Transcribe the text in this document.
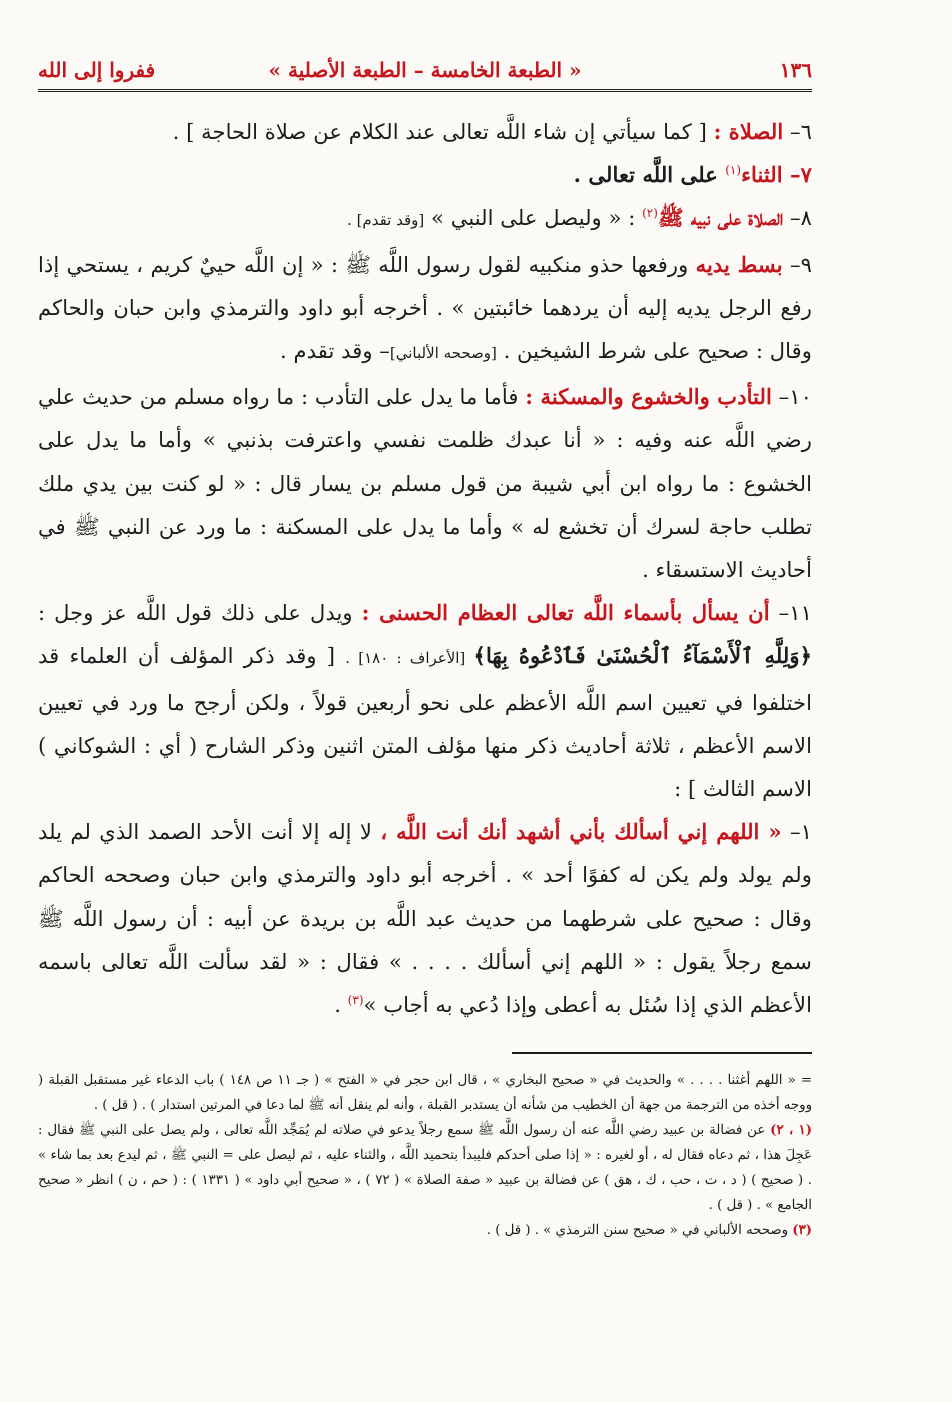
١٣٦
« الطبعة الخامسة – الطبعة الأصلية »
ففروا إلى الله

٦– الصلاة : [ كما سيأتي إن شاء اللَّه تعالى عند الكلام عن صلاة الحاجة ] .

٧– الثناء$^{(١)}$ على اللَّه تعالى .

٨– الصلاة على نبيه ﷺ$^{(٢)}$ : « وليصل على النبي » [وقد تقدم] .

٩– بسط يديه ورفعها حذو منكبيه لقول رسول اللَّه ﷺ : « إن اللَّه حييٌ كريم ، يستحي إذا رفع الرجل يديه إليه أن يردهما خائبتين » . أخرجه أبو داود والترمذي وابن حبان والحاكم وقال : صحيح على شرط الشيخين . [وصححه الألباني]– وقد تقدم .

١٠– التأدب والخشوع والمسكنة : فأما ما يدل على التأدب : ما رواه مسلم من حديث علي رضي اللَّه عنه وفيه : « أنا عبدك ظلمت نفسي واعترفت بذنبي » وأما ما يدل على الخشوع : ما رواه ابن أبي شيبة من قول مسلم بن يسار قال : « لو كنت بين يدي ملك تطلب حاجة لسرك أن تخشع له » وأما ما يدل على المسكنة : ما ورد عن النبي ﷺ في أحاديث الاستسقاء .

١١– أن يسأل بأسماء اللَّه تعالى العظام الحسنى : ويدل على ذلك قول اللَّه عز وجل : ﴿وَلِلَّهِ ٱلْأَسْمَآءُ ٱلْحُسْنَىٰ فَٱدْعُوهُ بِهَا﴾ [الأعراف : ١٨٠] . [ وقد ذكر المؤلف أن العلماء قد اختلفوا في تعيين اسم اللَّه الأعظم على نحو أربعين قولاً ، ولكن أرجح ما ورد في تعيين الاسم الأعظم ، ثلاثة أحاديث ذكر منها مؤلف المتن اثنين وذكر الشارح ( أي : الشوكاني ) الاسم الثالث ] :

١– « اللهم إني أسألك بأني أشهد أنك أنت اللَّه ، لا إله إلا أنت الأحد الصمد الذي لم يلد ولم يولد ولم يكن له كفوًا أحد » . أخرجه أبو داود والترمذي وابن حبان وصححه الحاكم وقال : صحيح على شرطهما من حديث عبد اللَّه بن بريدة عن أبيه : أن رسول اللَّه ﷺ سمع رجلاً يقول : « اللهم إني أسألك . . . . » فقال : « لقد سألت اللَّه تعالى باسمه الأعظم الذي إذا سُئل به أعطى وإذا دُعي به أجاب »$^{(٣)}$ .

= « اللهم أغثنا . . . . » والحديث في « صحيح البخاري » ، قال ابن حجر في « الفتح » ( جـ ١١ ص ١٤٨ ) باب الدعاء غير مستقبل القبلة ( ووجه أخذه من الترجمة من جهة أن الخطيب من شأنه أن يستدبر القبلة ، وأنه لم ينقل أنه ﷺ لما دعا في المرتين استدار ) . ( قل ) .

(١ ، ٢) عن فضالة بن عبيد رضي اللَّه عنه أن رسول اللَّه ﷺ سمع رجلاً يدعو في صلاته لم يُمَجِّد اللَّه تعالى ، ولم يصل على النبي ﷺ فقال : عَجِلَ هذا ، ثم دعاه فقال له ، أو لغيره : « إذا صلى أحدكم فليبدأ بتحميد اللَّه ، والثناء عليه ، ثم ليصل على = النبي ﷺ ، ثم ليدع بعد بما شاء » . ( صحيح ) ( د ، ت ، حب ، ك ، هق ) عن فضالة بن عبيد « صفة الصلاة » ( ٧٢ ) ، « صحيح أبي داود » ( ١٣٣١ ) : ( حم ، ن ) انظر « صحيح الجامع » . ( قل ) .

(٣) وصححه الألباني في « صحيح سنن الترمذي » . ( قل ) .
